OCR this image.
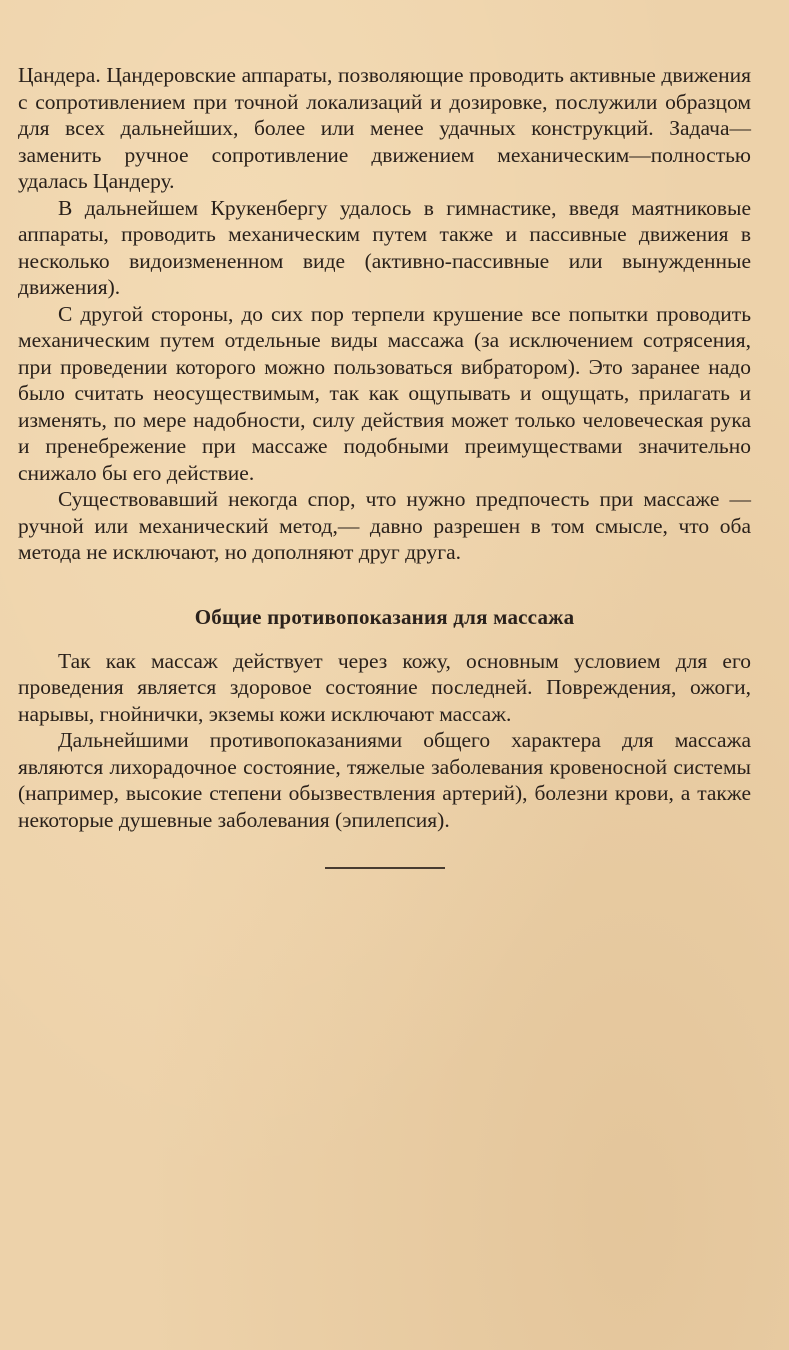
Цандера. Цандеровские аппараты, позволяющие проводить активные движения с сопротивлением при точной локализаций и дозировке, послужили образцом для всех дальнейших, более или менее удачных конструкций. Задача—заменить ручное сопротивление движением механическим—полностью удалась Цандеру.

В дальнейшем Крукенбергу удалось в гимнастике, введя маятниковые аппараты, проводить механическим путем также и пассивные движения в несколько видоизмененном виде (активно-пассивные или вынужденные движения).

С другой стороны, до сих пор терпели крушение все попытки проводить механическим путем отдельные виды массажа (за исключением сотрясения, при проведении которого можно пользоваться вибратором). Это заранее надо было считать неосуществимым, так как ощупывать и ощущать, прилагать и изменять, по мере надобности, силу действия может только человеческая рука и пренебрежение при массаже подобными преимуществами значительно снижало бы его действие.

Существовавший некогда спор, что нужно предпочесть при массаже — ручной или механический метод,— давно разрешен в том смысле, что оба метода не исключают, но дополняют друг друга.

Общие противопоказания для массажа

Так как массаж действует через кожу, основным условием для его проведения является здоровое состояние последней. Повреждения, ожоги, нарывы, гнойнички, экземы кожи исключают массаж.

Дальнейшими противопоказаниями общего характера для массажа являются лихорадочное состояние, тяжелые заболевания кровеносной системы (например, высокие степени обызвествления артерий), болезни крови, а также некоторые душевные заболевания (эпилепсия).
